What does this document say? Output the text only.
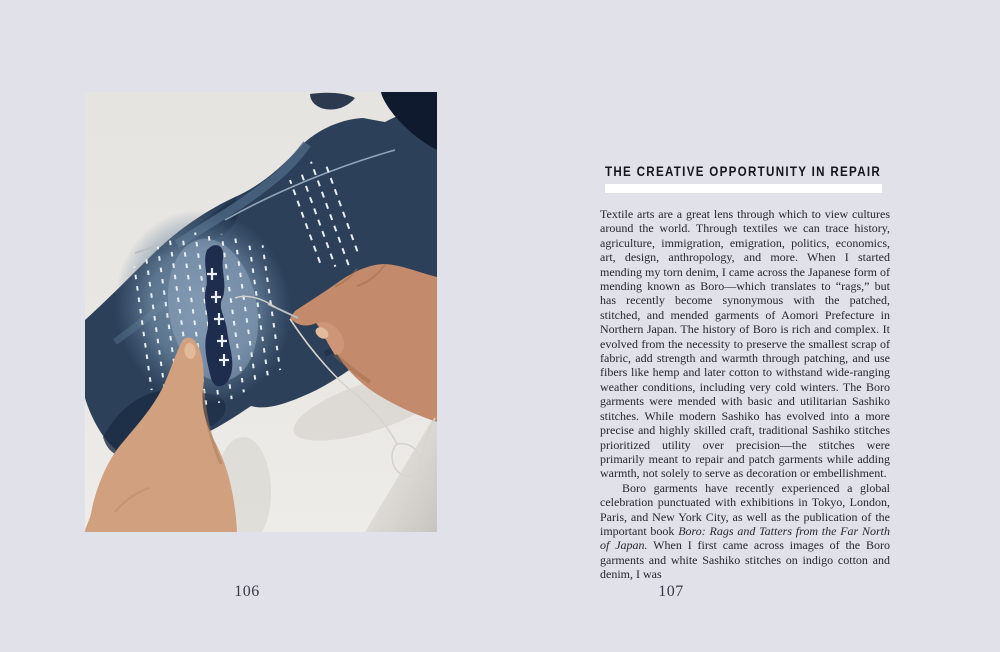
106
THE CREATIVE OPPORTUNITY IN REPAIR

Textile arts are a great lens through which to view cultures around the world. Through textiles we can trace history, agriculture, immigration, emigration, politics, economics, art, design, anthropology, and more. When I started mending my torn denim, I came across the Japanese form of mending known as Boro—which translates to “rags,” but has recently become synonymous with the patched, stitched, and mended garments of Aomori Prefecture in Northern Japan. The history of Boro is rich and complex. It evolved from the necessity to preserve the smallest scrap of fabric, add strength and warmth through patching, and use fibers like hemp and later cotton to withstand wide-ranging weather conditions, including very cold winters. The Boro garments were mended with basic and utilitarian Sashiko stitches. While modern Sashiko has evolved into a more precise and highly skilled craft, traditional Sashiko stitches prioritized utility over precision—the stitches were primarily meant to repair and patch garments while adding warmth, not solely to serve as decoration or embellishment.

Boro garments have recently experienced a global celebration punctuated with exhibitions in Tokyo, London, Paris, and New York City, as well as the publication of the important book Boro: Rags and Tatters from the Far North of Japan. When I first came across images of the Boro garments and white Sashiko stitches on indigo cotton and denim, I was

107
